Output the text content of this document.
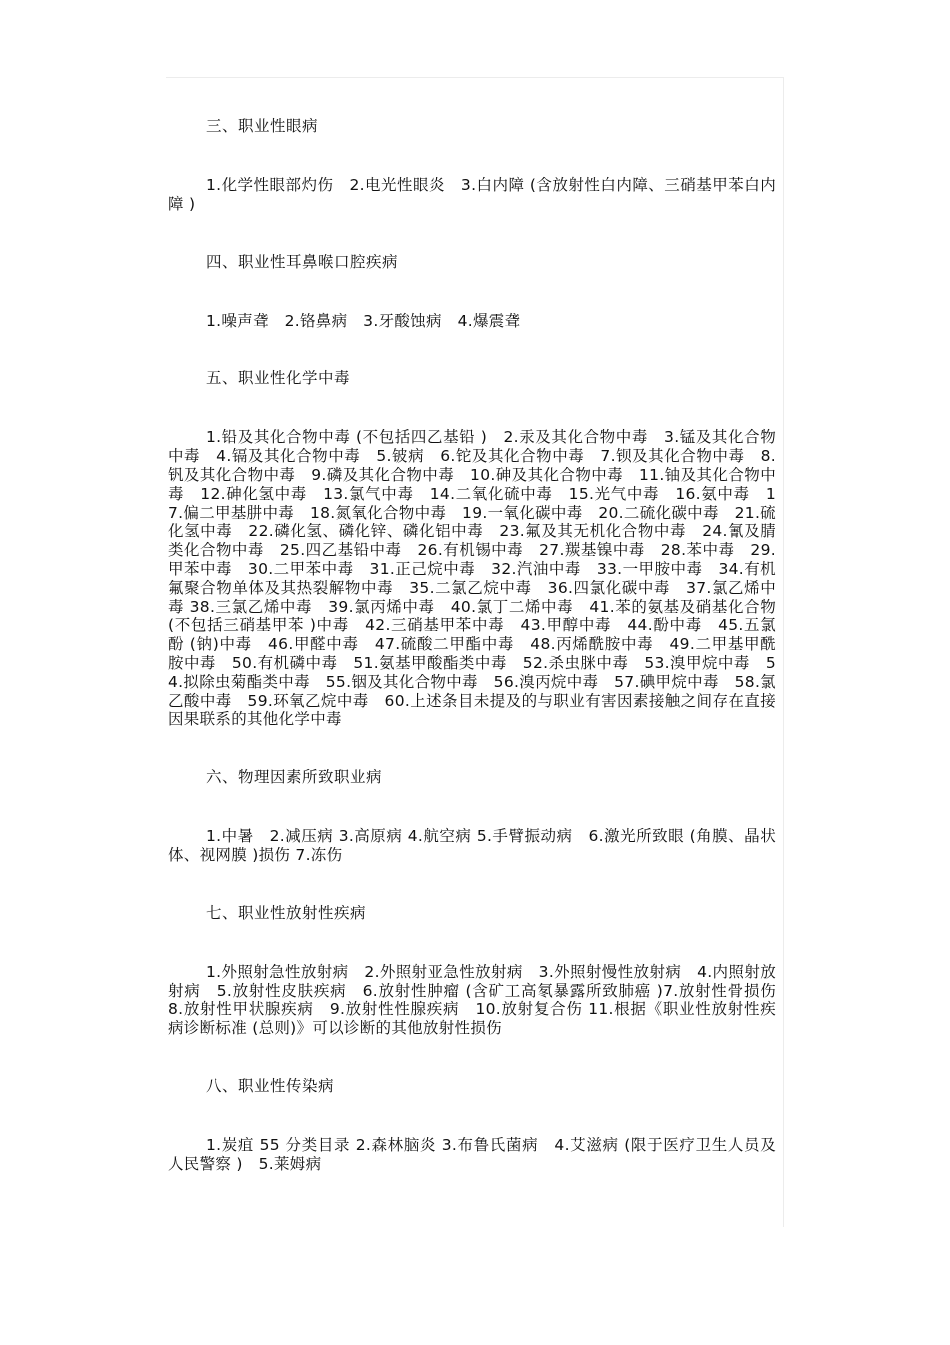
三、职业性眼病

1.化学性眼部灼伤　2.电光性眼炎　3.白内障 (含放射性白内障、三硝基甲苯白内障 )

四、职业性耳鼻喉口腔疾病

1.噪声聋　2.铬鼻病　3.牙酸蚀病　4.爆震聋

五、职业性化学中毒

1.铅及其化合物中毒 (不包括四乙基铅 )　2.汞及其化合物中毒　3.锰及其化合物中毒　4.镉及其化合物中毒　5.铍病　6.铊及其化合物中毒　7.钡及其化合物中毒　8.钒及其化合物中毒　9.磷及其化合物中毒　10.砷及其化合物中毒　11.铀及其化合物中毒　12.砷化氢中毒　13.氯气中毒　14.二氧化硫中毒　15.光气中毒　16.氨中毒　17.偏二甲基肼中毒　18.氮氧化合物中毒　19.一氧化碳中毒　20.二硫化碳中毒　21.硫化氢中毒　22.磷化氢、磷化锌、磷化铝中毒　23.氟及其无机化合物中毒　24.氰及腈类化合物中毒　25.四乙基铅中毒　26.有机锡中毒　27.羰基镍中毒　28.苯中毒　29.甲苯中毒　30.二甲苯中毒　31.正己烷中毒　32.汽油中毒　33.一甲胺中毒　34.有机氟聚合物单体及其热裂解物中毒　35.二氯乙烷中毒　36.四氯化碳中毒　37.氯乙烯中毒 38.三氯乙烯中毒　39.氯丙烯中毒　40.氯丁二烯中毒　41.苯的氨基及硝基化合物 (不包括三硝基甲苯 )中毒　42.三硝基甲苯中毒　43.甲醇中毒　44.酚中毒　45.五氯酚 (钠)中毒　46.甲醛中毒　47.硫酸二甲酯中毒　48.丙烯酰胺中毒　49.二甲基甲酰胺中毒　50.有机磷中毒　51.氨基甲酸酯类中毒　52.杀虫脒中毒　53.溴甲烷中毒　54.拟除虫菊酯类中毒　55.铟及其化合物中毒　56.溴丙烷中毒　57.碘甲烷中毒　58.氯乙酸中毒　59.环氧乙烷中毒　60.上述条目未提及的与职业有害因素接触之间存在直接因果联系的其他化学中毒

六、物理因素所致职业病

1.中暑　2.减压病 3.高原病 4.航空病 5.手臂振动病　6.激光所致眼 (角膜、晶状体、视网膜 )损伤 7.冻伤

七、职业性放射性疾病

1.外照射急性放射病　2.外照射亚急性放射病　3.外照射慢性放射病　4.内照射放射病　5.放射性皮肤疾病　6.放射性肿瘤 (含矿工高氡暴露所致肺癌 )7.放射性骨损伤　8.放射性甲状腺疾病　9.放射性性腺疾病　10.放射复合伤 11.根据《职业性放射性疾病诊断标准 (总则)》可以诊断的其他放射性损伤

八、职业性传染病

1.炭疽 55 分类目录 2.森林脑炎 3.布鲁氏菌病　4.艾滋病 (限于医疗卫生人员及人民警察 )　5.莱姆病
